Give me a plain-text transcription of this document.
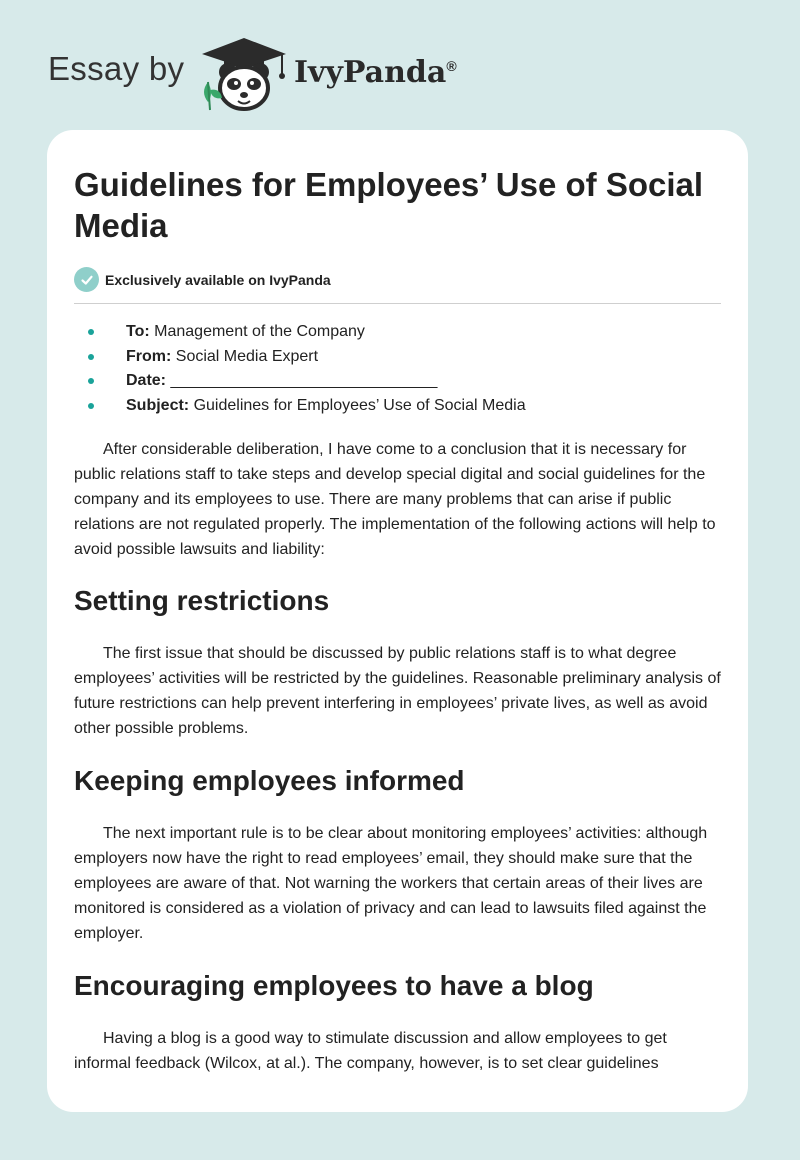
Essay by	IvyPanda®
Guidelines for Employees’ Use of Social Media
Exclusively available on IvyPanda
To: Management of the Company
From: Social Media Expert
Date: ______________________________
Subject: Guidelines for Employees’ Use of Social Media

After considerable deliberation, I have come to a conclusion that it is necessary for public relations staff to take steps and develop special digital and social guidelines for the company and its employees to use. There are many problems that can arise if public relations are not regulated properly. The implementation of the following actions will help to avoid possible lawsuits and liability:

Setting restrictions

The first issue that should be discussed by public relations staff is to what degree employees’ activities will be restricted by the guidelines. Reasonable preliminary analysis of future restrictions can help prevent interfering in employees’ private lives, as well as avoid other possible problems.

Keeping employees informed

The next important rule is to be clear about monitoring employees’ activities: although employers now have the right to read employees’ email, they should make sure that the employees are aware of that. Not warning the workers that certain areas of their lives are monitored is considered as a violation of privacy and can lead to lawsuits filed against the employer.

Encouraging employees to have a blog

Having a blog is a good way to stimulate discussion and allow employees to get informal feedback (Wilcox, at al.). The company, however, is to set clear guidelines
